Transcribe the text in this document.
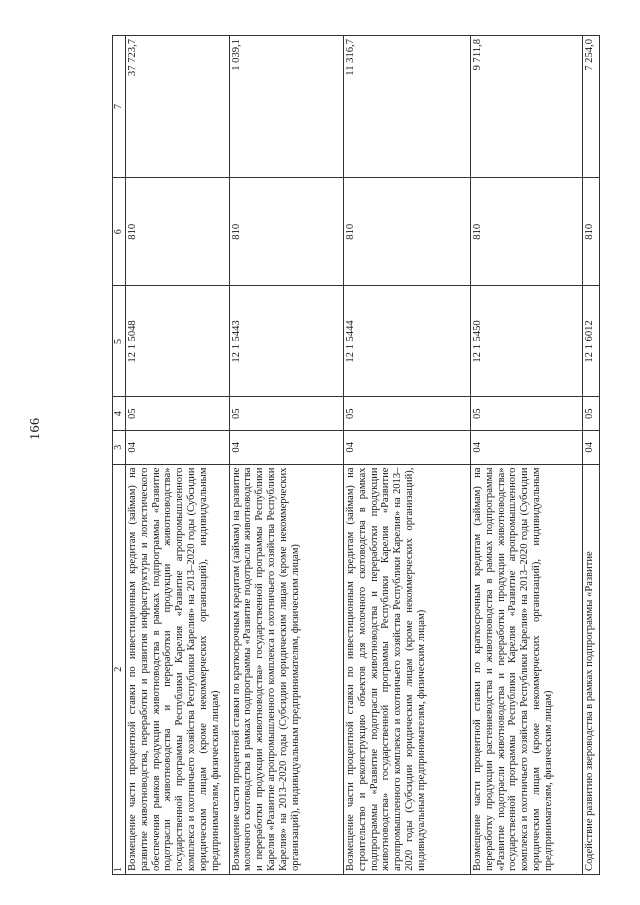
166
1	2	3	4	5	6	7
	Возмещение части процентной ставки по инвестиционным кредитам (займам) на развитие животноводства, переработки и развития инфраструктуры и логистического обеспечения рынков продукции животноводства в рамках подпрограммы «Развитие подотрасли животноводства и переработки продукции животноводства» государственной программы Республики Карелия «Развитие агропромышленного комплекса и охотничьего хозяйства Республики Карелия» на 2013–2020 годы (Субсидии юридическим лицам (кроме некоммерческих организаций), индивидуальным предпринимателям, физическим лицам)	04	05	12 1 5048	810	37 723,7
	Возмещение части процентной ставки по краткосрочным кредитам (займам) на развитие молочного скотоводства в рамках подпрограммы «Развитие подотрасли животноводства и переработки продукции животноводства» государственной программы Республики Карелия «Развитие агропромышленного комплекса и охотничьего хозяйства Республики Карелия» на 2013–2020 годы (Субсидии юридическим лицам (кроме некоммерческих организаций), индивидуальным предпринимателям, физическим лицам)	04	05	12 1 5443	810	1 039,1
	Возмещение части процентной ставки по инвестиционным кредитам (займам) на строительство и реконструкцию объектов для молочного скотоводства в рамках подпрограммы «Развитие подотрасли животноводства и переработки продукции животноводства» государственной программы Республики Карелия «Развитие агропромышленного комплекса и охотничьего хозяйства Республики Карелия» на 2013–2020 годы (Субсидии юридическим лицам (кроме некоммерческих организаций), индивидуальным предпринимателям, физическим лицам)	04	05	12 1 5444	810	11 316,7
	Возмещение части процентной ставки по краткосрочным кредитам (займам) на переработку продукции растениеводства и животноводства в рамках подпрограммы «Развитие подотрасли животноводства и переработки продукции животноводства» государственной программы Республики Карелия «Развитие агропромышленного комплекса и охотничьего хозяйства Республики Карелия» на 2013–2020 годы (Субсидии юридическим лицам (кроме некоммерческих организаций), индивидуальным предпринимателям, физическим лицам)	04	05	12 1 5450	810	9 711,8
	Содействие развитию звероводства в рамках подпрограммы «Развитие	04	05	12 1 6012	810	7 254,0
